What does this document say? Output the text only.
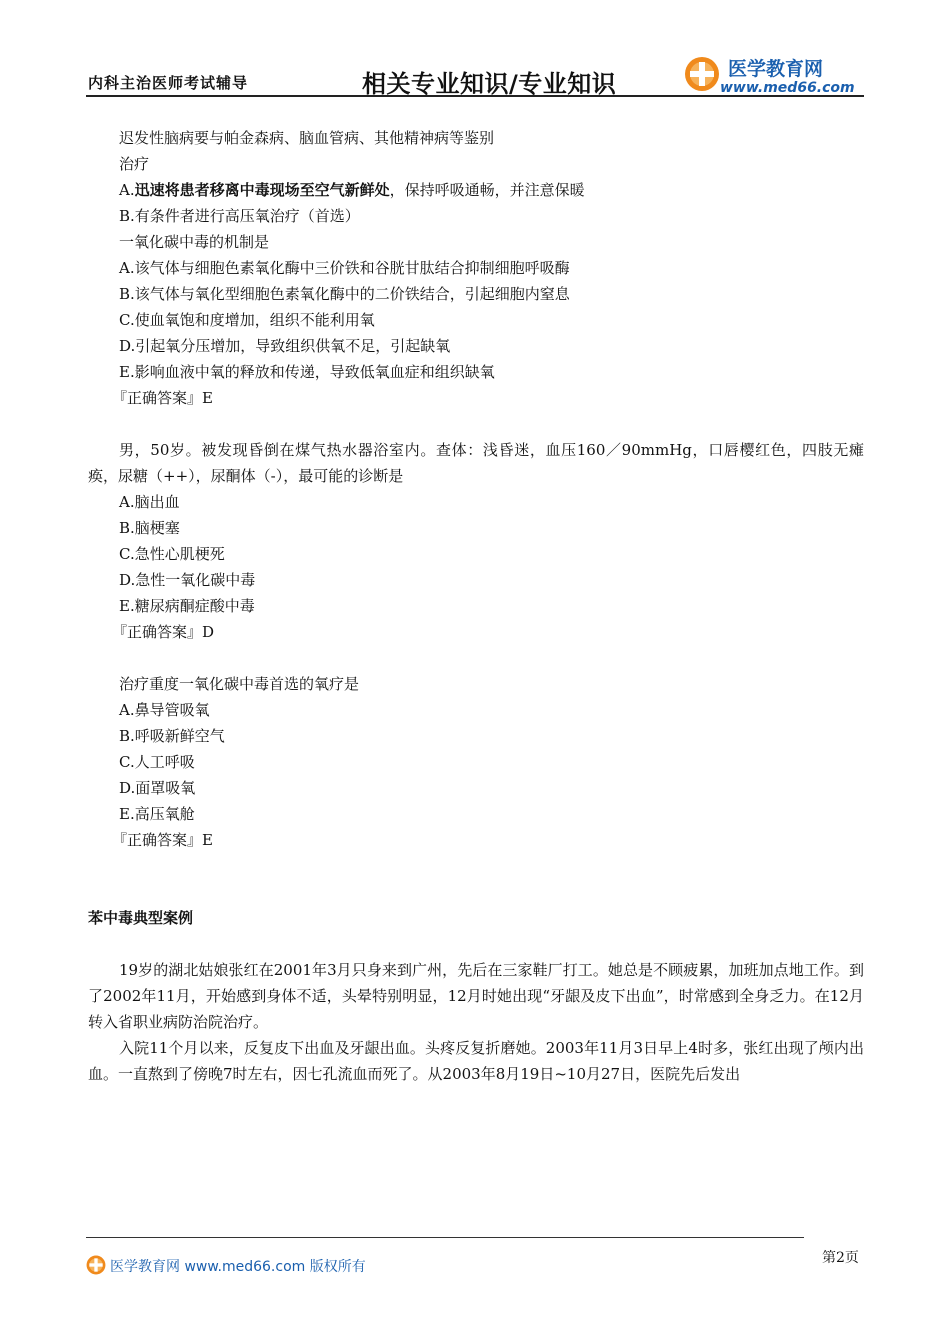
内科主治医师考试辅导	相关专业知识/专业知识
医学教育网
www.med66.com
迟发性脑病要与帕金森病、脑血管病、其他精神病等鉴别
治疗
A.迅速将患者移离中毒现场至空气新鲜处，保持呼吸通畅，并注意保暖
B.有条件者进行高压氧治疗（首选）
一氧化碳中毒的机制是
A.该气体与细胞色素氧化酶中三价铁和谷胱甘肽结合抑制细胞呼吸酶
B.该气体与氧化型细胞色素氧化酶中的二价铁结合，引起细胞内窒息
C.使血氧饱和度增加，组织不能利用氧
D.引起氧分压增加，导致组织供氧不足，引起缺氧
E.影响血液中氧的释放和传递，导致低氧血症和组织缺氧
『正确答案』E
男，50岁。被发现昏倒在煤气热水器浴室内。查体：浅昏迷，血压160／90mmHg，口唇樱红色，四肢无瘫痪，尿糖（++），尿酮体（-），最可能的诊断是
A.脑出血
B.脑梗塞
C.急性心肌梗死
D.急性一氧化碳中毒
E.糖尿病酮症酸中毒
『正确答案』D
治疗重度一氧化碳中毒首选的氧疗是
A.鼻导管吸氧
B.呼吸新鲜空气
C.人工呼吸
D.面罩吸氧
E.高压氧舱
『正确答案』E
苯中毒典型案例
19岁的湖北姑娘张红在2001年3月只身来到广州，先后在三家鞋厂打工。她总是不顾疲累，加班加点地工作。到了2002年11月，开始感到身体不适，头晕特别明显，12月时她出现“牙龈及皮下出血”，时常感到全身乏力。在12月转入省职业病防治院治疗。
入院11个月以来，反复皮下出血及牙龈出血。头疼反复折磨她。2003年11月3日早上4时多，张红出现了颅内出血。一直熬到了傍晚7时左右，因七孔流血而死了。从2003年8月19日~10月27日，医院先后发出
医学教育网 www.med66.com 版权所有
第2页
